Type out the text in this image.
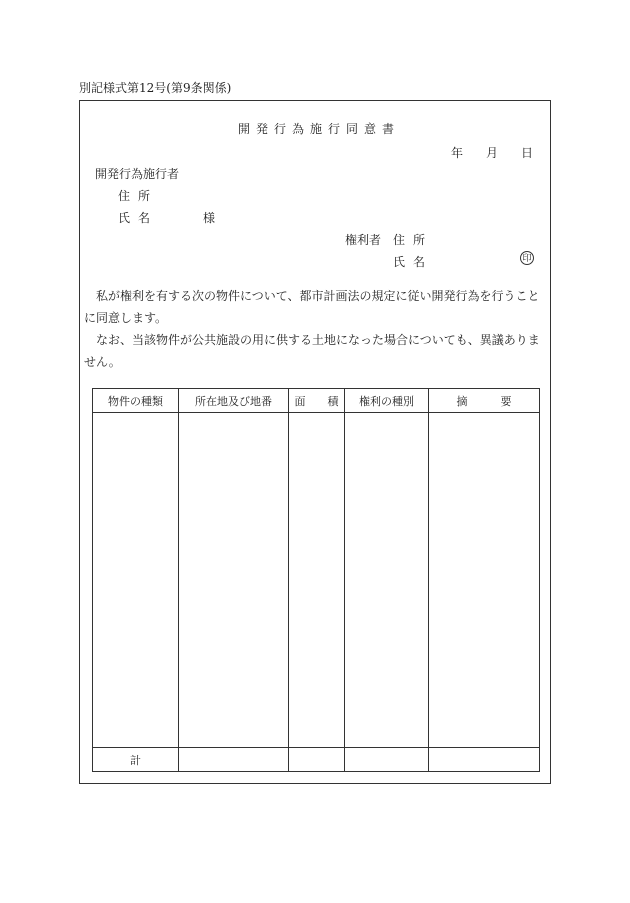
別記様式第12号(第9条関係)
開発行為施行同意書
年 月 日
開発行為施行者
住所
氏名	様
権利者 住所
氏名	印

私が権利を有する次の物件について、都市計画法の規定に従い開発行為を行うことに同意します。

なお、当該物件が公共施設の用に供する土地になった場合についても、異議ありません。

物件の種類	所在地及び地番	面　　積	権利の種別	摘　　　要

計				
